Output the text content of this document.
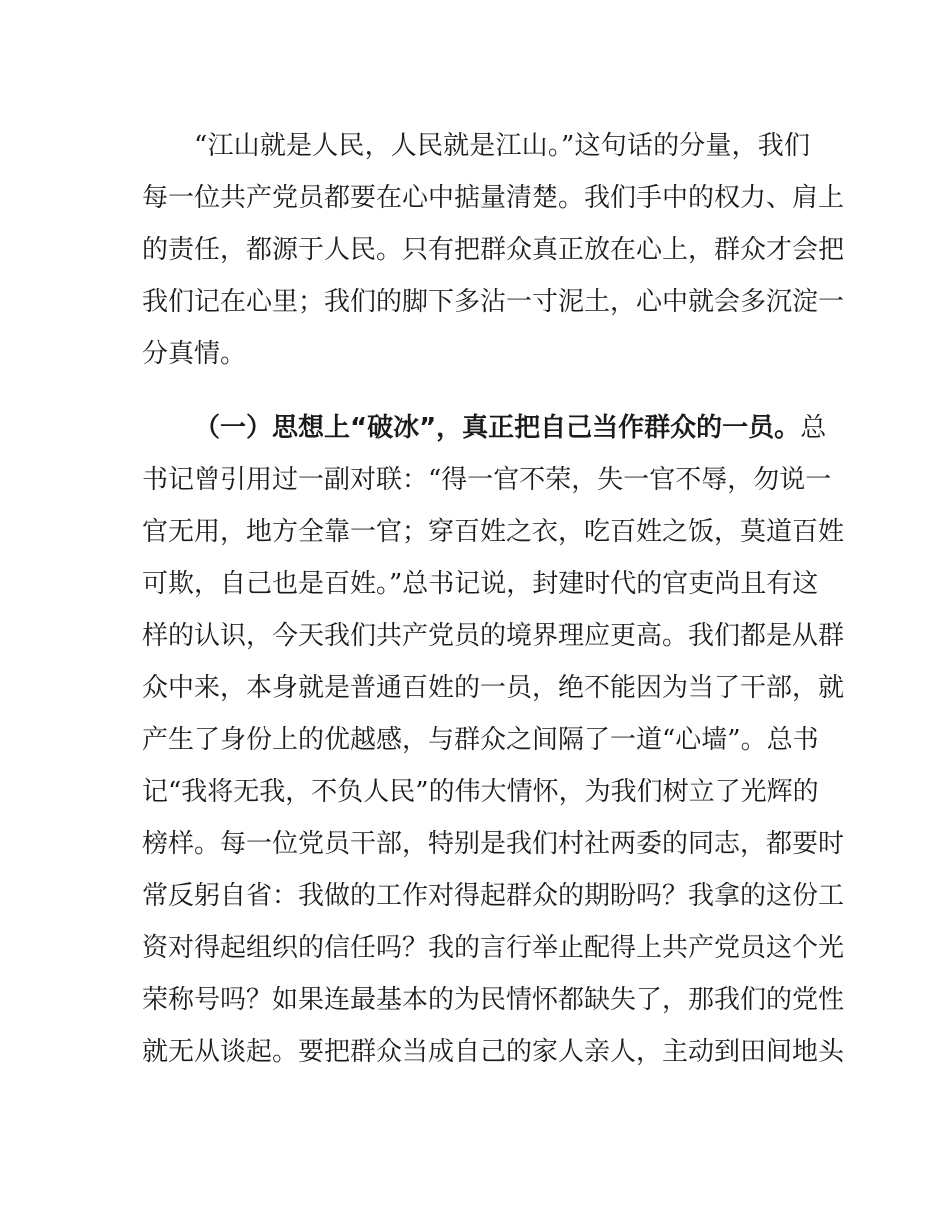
“江山就是人民，人民就是江山。”这句话的分量，我们
每一位共产党员都要在心中掂量清楚。我们手中的权力、肩上
的责任，都源于人民。只有把群众真正放在心上，群众才会把
我们记在心里；我们的脚下多沾一寸泥土，心中就会多沉淀一
分真情。
（一）思想上“破冰”，真正把自己当作群众的一员。总
书记曾引用过一副对联：“得一官不荣，失一官不辱，勿说一
官无用，地方全靠一官；穿百姓之衣，吃百姓之饭，莫道百姓
可欺，自己也是百姓。”总书记说，封建时代的官吏尚且有这
样的认识，今天我们共产党员的境界理应更高。我们都是从群
众中来，本身就是普通百姓的一员，绝不能因为当了干部，就
产生了身份上的优越感，与群众之间隔了一道“心墙”。总书
记“我将无我，不负人民”的伟大情怀，为我们树立了光辉的
榜样。每一位党员干部，特别是我们村社两委的同志，都要时
常反躬自省：我做的工作对得起群众的期盼吗？我拿的这份工
资对得起组织的信任吗？我的言行举止配得上共产党员这个光
荣称号吗？如果连最基本的为民情怀都缺失了，那我们的党性
就无从谈起。要把群众当成自己的家人亲人，主动到田间地头
